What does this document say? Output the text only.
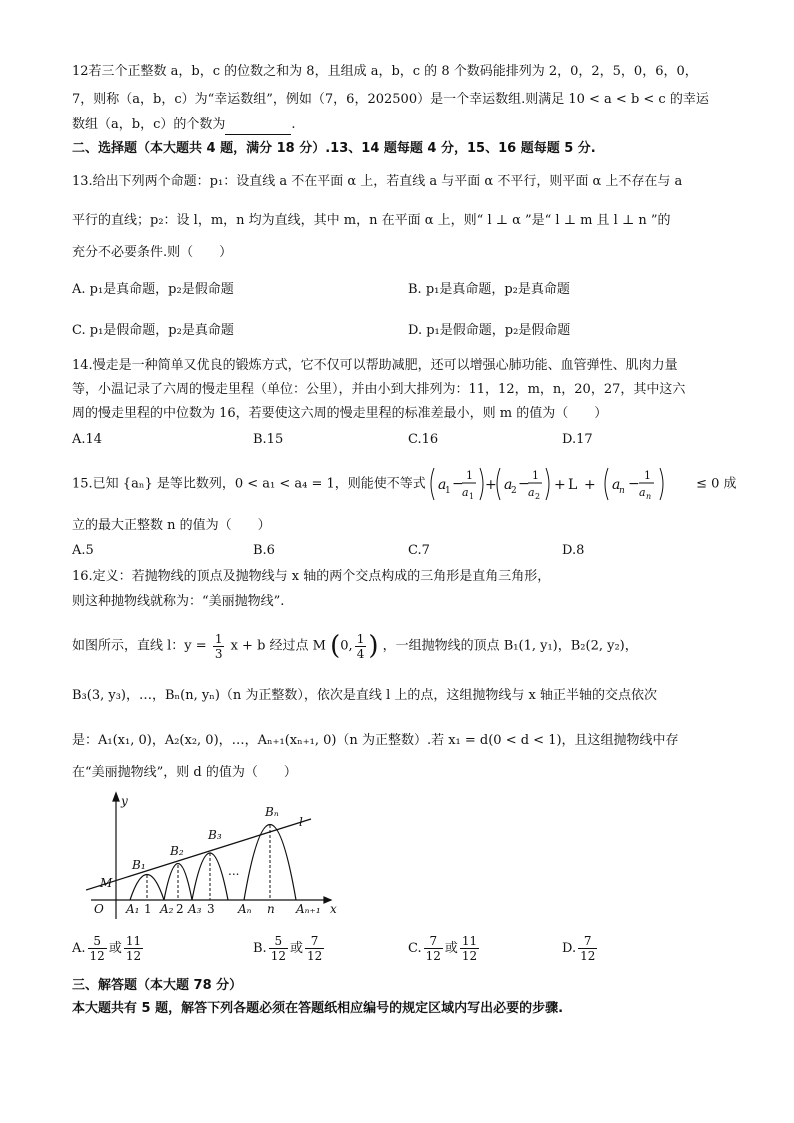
12若三个正整数 a，b，c 的位数之和为 8，且组成 a，b，c 的 8 个数码能排列为 2，0，2，5，0，6，0，
7，则称（a，b，c）为“幸运数组”，例如（7，6，202500）是一个幸运数组.则满足 10 < a < b < c 的幸运
数组（a，b，c）的个数为	.
二、选择题（本大题共 4 题，满分 18 分）.13、14 题每题 4 分，15、16 题每题 5 分.
13.给出下列两个命题：p₁：设直线 a 不在平面 α 上，若直线 a 与平面 α 不平行，则平面 α 上不存在与 a
平行的直线；p₂：设 l，m，n 均为直线，其中 m，n 在平面 α 上，则“ l ⊥ α ”是“ l ⊥ m 且 l ⊥ n ”的
充分不必要条件.则（　　）
A. p₁是真命题，p₂是假命题	B. p₁是真命题，p₂是真命题
C. p₁是假命题，p₂是真命题	D. p₁是假命题，p₂是假命题
14.慢走是一种简单又优良的锻炼方式，它不仅可以帮助减肥，还可以增强心肺功能、血管弹性、肌肉力量
等，小温记录了六周的慢走里程（单位：公里），并由小到大排列为：11，12，m，n，20，27，其中这六
周的慢走里程的中位数为 16，若要使这六周的慢走里程的标准差最小，则 m 的值为（　　）
A.14	B.15	C.16	D.17
15.已知 {aₙ} 是等比数列，0 < a₁ < a₄ = 1，则能使不等式 a
1 −
1
a 1
+ a
2 −
1
a 2
+ L + a
n −
1
a n
≤ 0 成
立的最大正整数 n 的值为（　　）
A.5	B.6	C.7	D.8
16.定义：若抛物线的顶点及抛物线与 x 轴的两个交点构成的三角形是直角三角形，
则这种抛物线就称为：“美丽抛物线”.
如图所示，直线 l：$y = \frac{1}{3}$ x + b 经过点 M (0, $\frac{1}{4}$ ) ，一组抛物线的顶点 B₁(1, y₁)，B₂(2, y₂)，
B₃(3, y₃)，…，Bₙ(n, yₙ)（n 为正整数），依次是直线 l 上的点，这组抛物线与 x 轴正半轴的交点依次
是：A₁(x₁, 0)，A₂(x₂, 0)，…，Aₙ₊₁(xₙ₊₁, 0)（n 为正整数）.若 x₁ = d(0 < d < 1)，且这组抛物线中存
在“美丽抛物线”，则 d 的值为（　　）
y
x
O
M
l
B₁
B₂
B₃
Bₙ
...
A₁ 1 A₂ 2 A₃ 3 Aₙ n Aₙ₊₁
A. $\frac{5}{12}$ 或 $\frac{11}{12}$	B. $\frac{5}{12}$ 或 $\frac{7}{12}$	C. $\frac{7}{12}$ 或 $\frac{11}{12}$	D. $\frac{7}{12}$
三、解答题（本大题 78 分）
本大题共有 5 题，解答下列各题必须在答题纸相应编号的规定区域内写出必要的步骤.
